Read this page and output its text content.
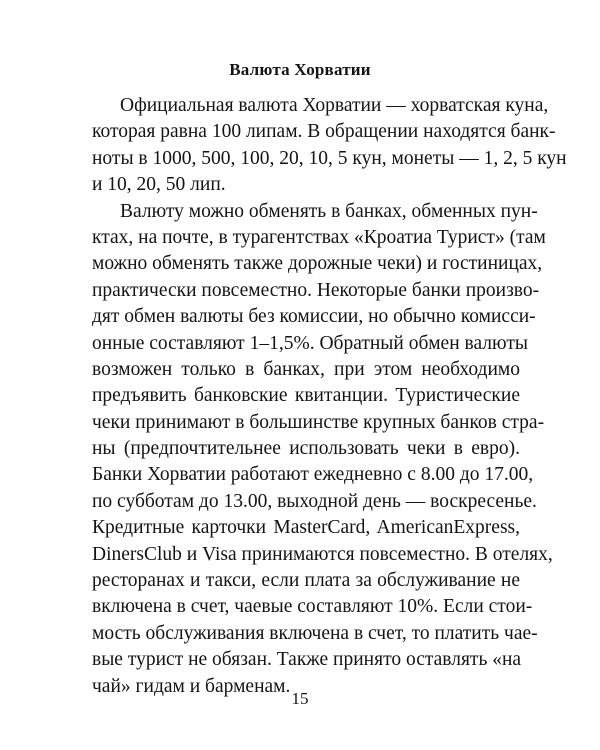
Валюта Хорватии
Официальная валюта Хорватии — хорватская куна,
которая равна 100 липам. В обращении находятся банк-
ноты в 1000, 500, 100, 20, 10, 5 кун, монеты — 1, 2, 5 кун
и 10, 20, 50 лип.
Валюту можно обменять в банках, обменных пун-
ктах, на почте, в турагентствах «Кроатиа Турист» (там
можно обменять также дорожные чеки) и гостиницах,
практически повсеместно. Некоторые банки произво-
дят обмен валюты без комиссии, но обычно комисси-
онные составляют 1–1,5%. Обратный обмен валюты
возможен только в банках, при этом необходимо
предъявить банковские квитанции. Туристические
чеки принимают в большинстве крупных банков стра-
ны (предпочтительнее использовать чеки в евро).
Банки Хорватии работают ежедневно с 8.00 до 17.00,
по субботам до 13.00, выходной день — воскресенье.
Кредитные карточки MasterCard, AmericanExpress,
DinersClub и Visa принимаются повсеместно. В отелях,
ресторанах и такси, если плата за обслуживание не
включена в счет, чаевые составляют 10%. Если стои-
мость обслуживания включена в счет, то платить чае-
вые турист не обязан. Также принято оставлять «на
чай» гидам и барменам.
15
